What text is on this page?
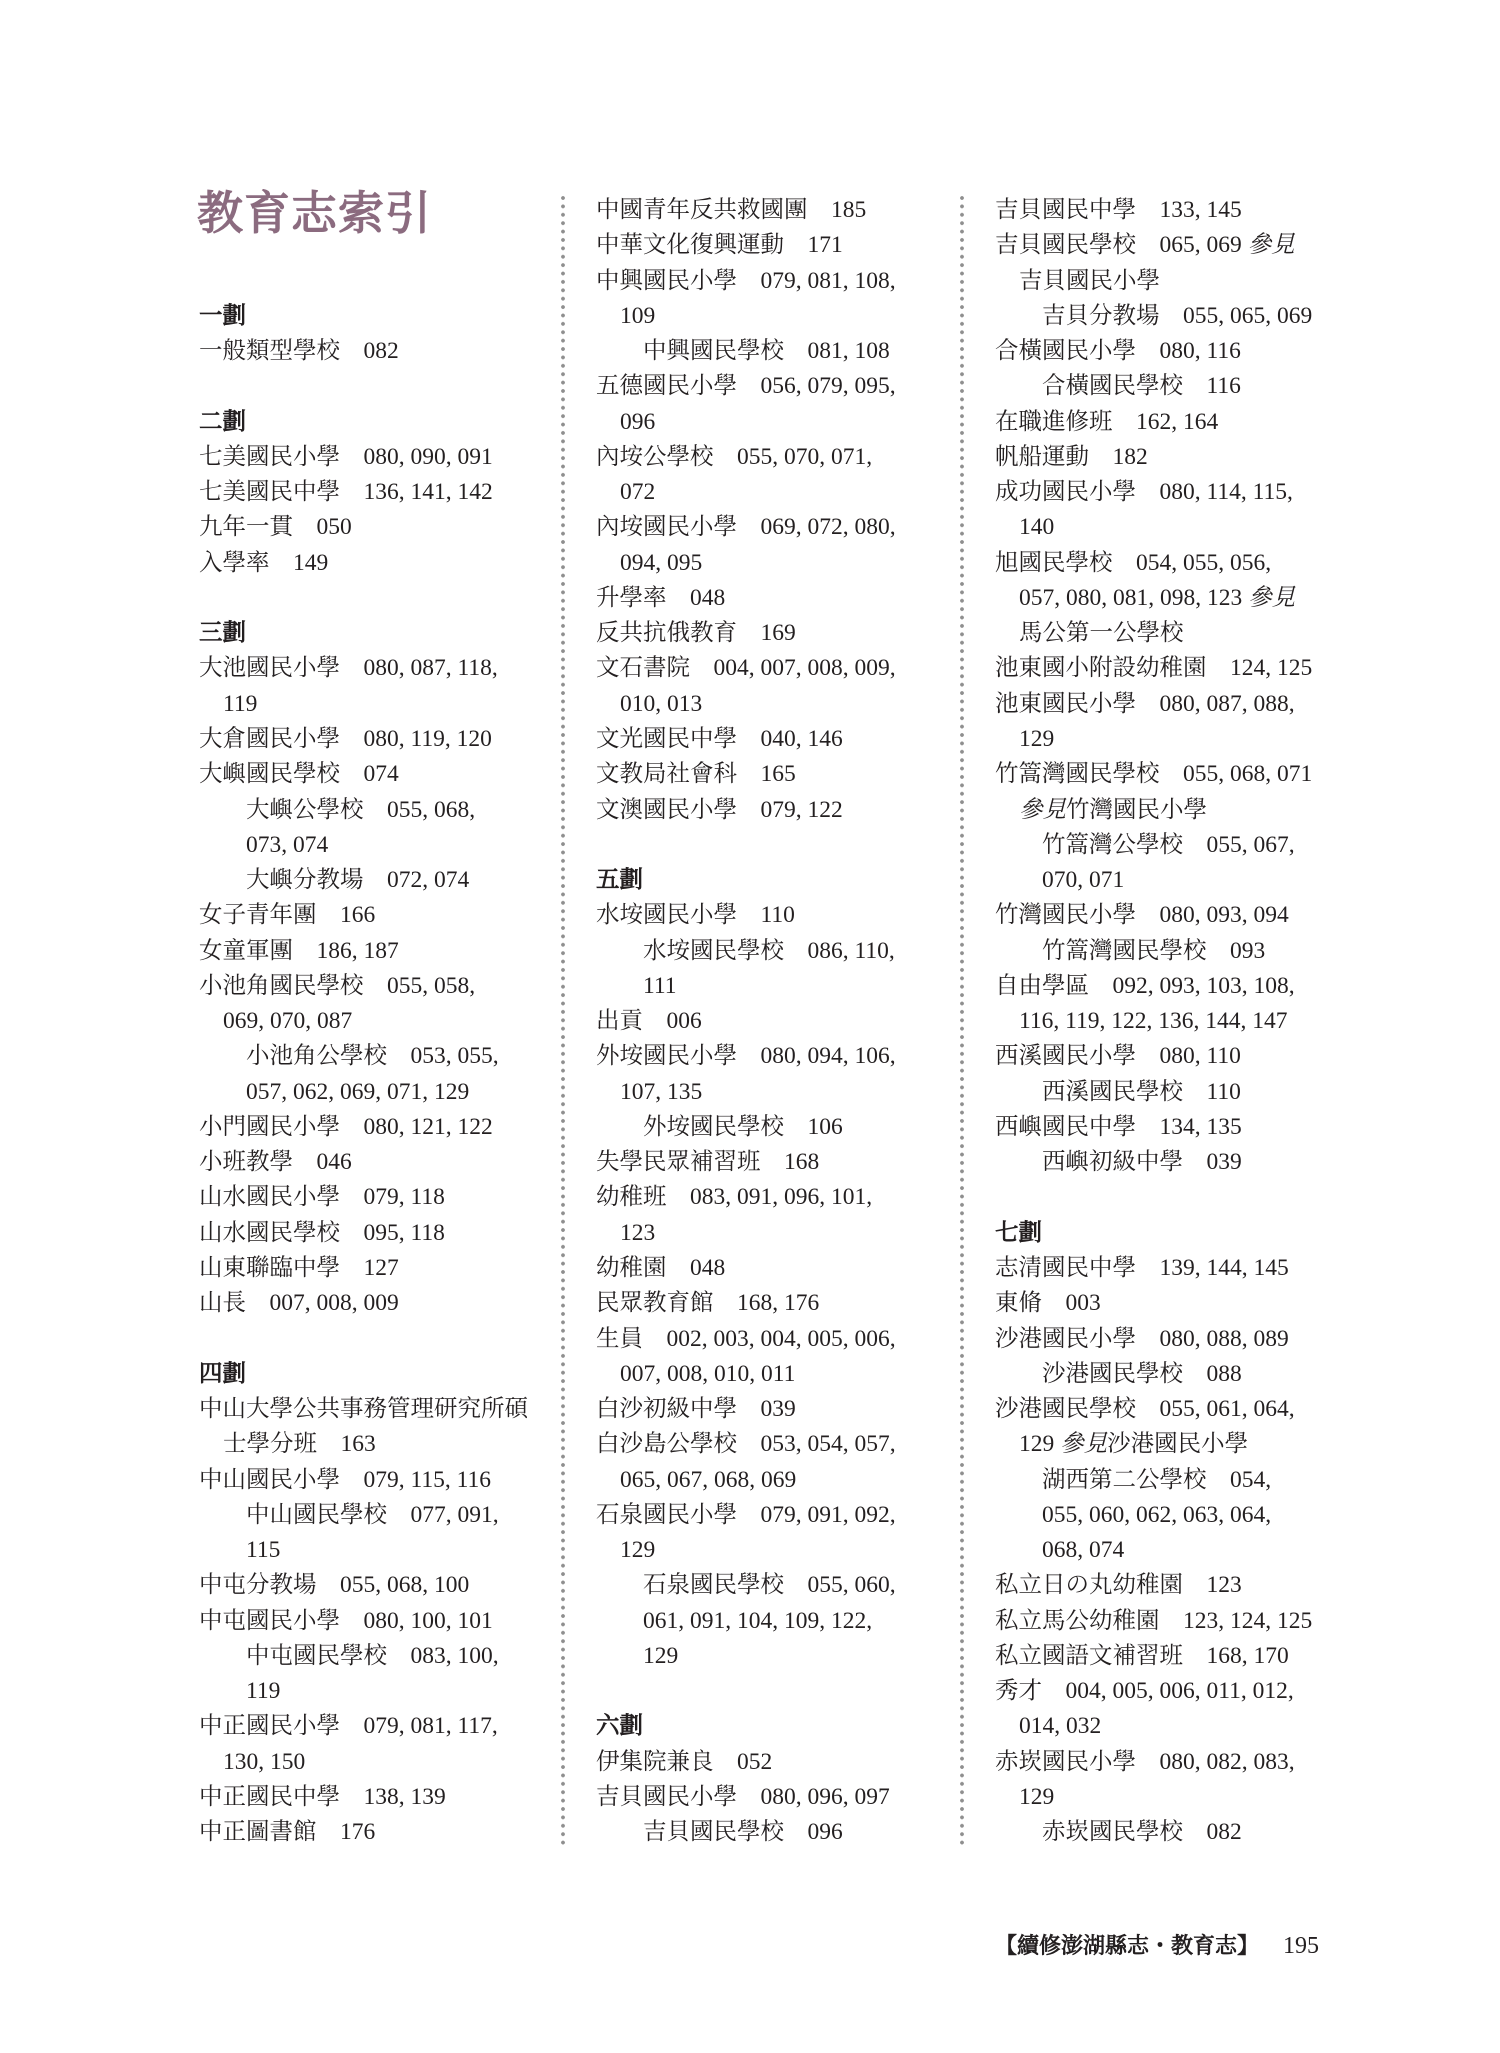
教育志索引
一劃
一般類型學校　082
二劃
七美國民小學　080, 090, 091
七美國民中學　136, 141, 142
九年一貫　050
入學率　149
三劃
大池國民小學　080, 087, 118,
119
大倉國民小學　080, 119, 120
大嶼國民學校　074
大嶼公學校　055, 068,
073, 074
大嶼分教場　072, 074
女子青年團　166
女童軍團　186, 187
小池角國民學校　055, 058,
069, 070, 087
小池角公學校　053, 055,
057, 062, 069, 071, 129
小門國民小學　080, 121, 122
小班教學　046
山水國民小學　079, 118
山水國民學校　095, 118
山東聯臨中學　127
山長　007, 008, 009
四劃
中山大學公共事務管理研究所碩
士學分班　163
中山國民小學　079, 115, 116
中山國民學校　077, 091,
115
中屯分教場　055, 068, 100
中屯國民小學　080, 100, 101
中屯國民學校　083, 100,
119
中正國民小學　079, 081, 117,
130, 150
中正國民中學　138, 139
中正圖書館　176
中國青年反共救國團　185
中華文化復興運動　171
中興國民小學　079, 081, 108,
109
中興國民學校　081, 108
五德國民小學　056, 079, 095,
096
內垵公學校　055, 070, 071,
072
內垵國民小學　069, 072, 080,
094, 095
升學率　048
反共抗俄教育　169
文石書院　004, 007, 008, 009,
010, 013
文光國民中學　040, 146
文教局社會科　165
文澳國民小學　079, 122
五劃
水垵國民小學　110
水垵國民學校　086, 110,
111
出貢　006
外垵國民小學　080, 094, 106,
107, 135
外垵國民學校　106
失學民眾補習班　168
幼稚班　083, 091, 096, 101,
123
幼稚園　048
民眾教育館　168, 176
生員　002, 003, 004, 005, 006,
007, 008, 010, 011
白沙初級中學　039
白沙島公學校　053, 054, 057,
065, 067, 068, 069
石泉國民小學　079, 091, 092,
129
石泉國民學校　055, 060,
061, 091, 104, 109, 122,
129
六劃
伊集院兼良　052
吉貝國民小學　080, 096, 097
吉貝國民學校　096
吉貝國民中學　133, 145
吉貝國民學校　065, 069 參見
吉貝國民小學
吉貝分教場　055, 065, 069
合橫國民小學　080, 116
合橫國民學校　116
在職進修班　162, 164
帆船運動　182
成功國民小學　080, 114, 115,
140
旭國民學校　054, 055, 056,
057, 080, 081, 098, 123 參見
馬公第一公學校
池東國小附設幼稚園　124, 125
池東國民小學　080, 087, 088,
129
竹篙灣國民學校　055, 068, 071
參見竹灣國民小學
竹篙灣公學校　055, 067,
070, 071
竹灣國民小學　080, 093, 094
竹篙灣國民學校　093
自由學區　092, 093, 103, 108,
116, 119, 122, 136, 144, 147
西溪國民小學　080, 110
西溪國民學校　110
西嶼國民中學　134, 135
西嶼初級中學　039
七劃
志清國民中學　139, 144, 145
東脩　003
沙港國民小學　080, 088, 089
沙港國民學校　088
沙港國民學校　055, 061, 064,
129 參見沙港國民小學
湖西第二公學校　054,
055, 060, 062, 063, 064,
068, 074
私立日の丸幼稚園　123
私立馬公幼稚園　123, 124, 125
私立國語文補習班　168, 170
秀才　004, 005, 006, 011, 012,
014, 032
赤崁國民小學　080, 082, 083,
129
赤崁國民學校　082
【續修澎湖縣志・教育志】 195
